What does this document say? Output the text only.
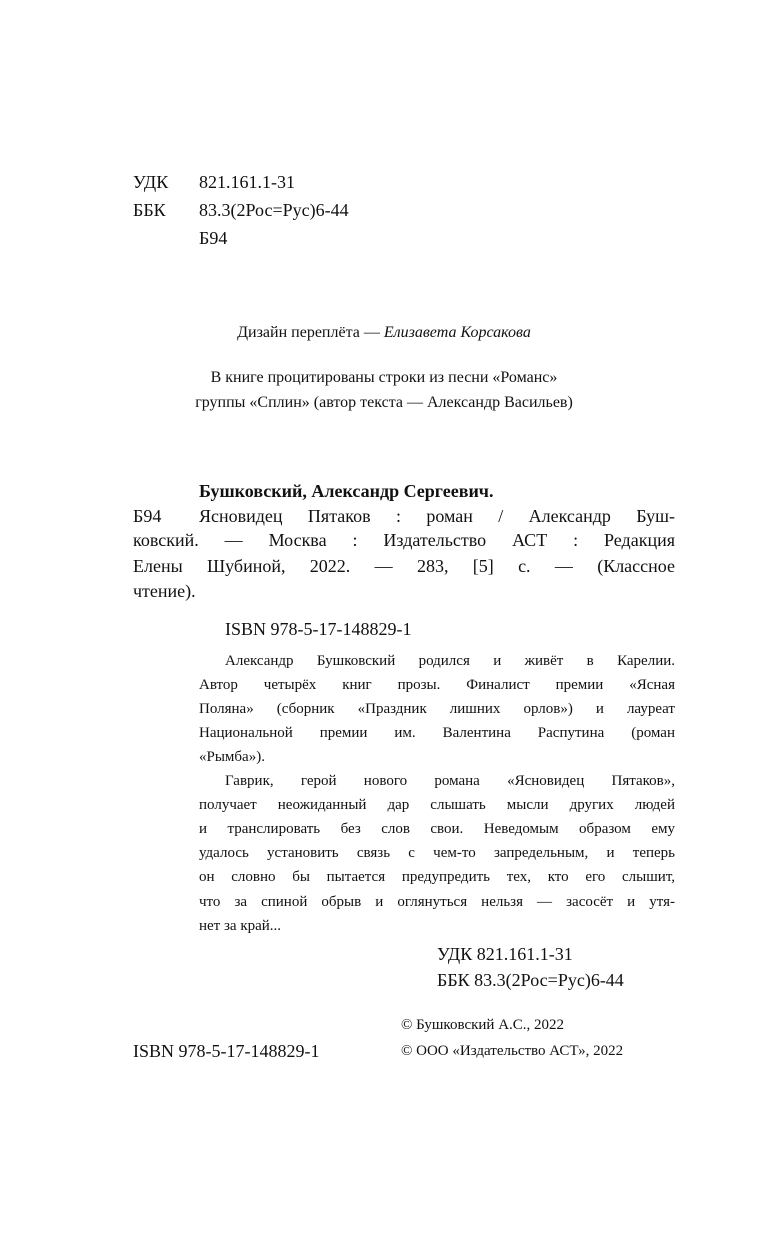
УДК 821.161.1-31
ББК 83.3(2Рос=Рус)6-44
Б94
Дизайн переплёта — Елизавета Корсакова
В книге процитированы строки из песни «Романс»
группы «Сплин» (автор текста — Александр Васильев)
Бушковский, Александр Сергеевич.
Б94 Ясновидец Пятаков : роман / Александр Буш-
ковский. — Москва : Издательство АСТ : Редакция
Елены Шубиной, 2022. — 283, [5] с. — (Классное
чтение).
ISBN 978-5-17-148829-1
Александр Бушковский родился и живёт в Карелии.
Автор четырёх книг прозы. Финалист премии «Ясная
Поляна» (сборник «Праздник лишних орлов») и лауреат
Национальной премии им. Валентина Распутина (роман
«Рымба»).
Гаврик, герой нового романа «Ясновидец Пятаков»,
получает неожиданный дар слышать мысли других людей
и транслировать без слов свои. Неведомым образом ему
удалось установить связь с чем-то запредельным, и теперь
он словно бы пытается предупредить тех, кто его слышит,
что за спиной обрыв и оглянуться нельзя — засосёт и утя-
нет за край...
УДК 821.161.1-31
ББК 83.3(2Рос=Рус)6-44
© Бушковский А.С., 2022
© ООО «Издательство АСТ», 2022
ISBN 978-5-17-148829-1
